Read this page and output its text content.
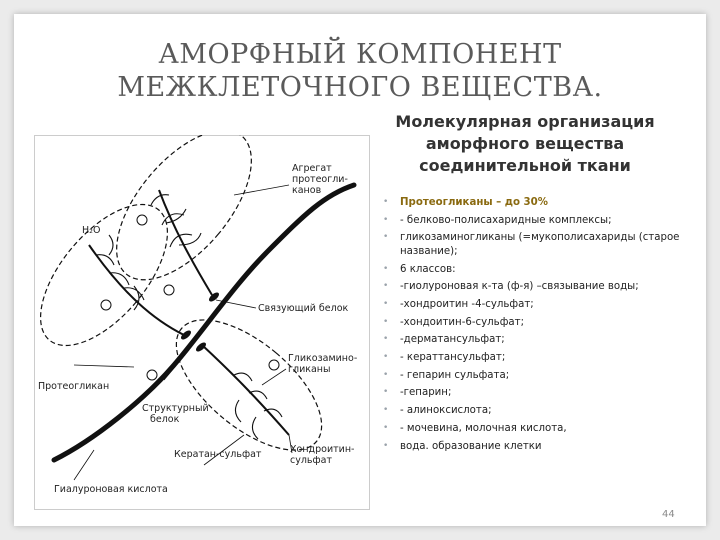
АМОРФНЫЙ КОМПОНЕНТ
МЕЖКЛЕТОЧНОГО ВЕЩЕСТВА.
Молекулярная организация
аморфного вещества
соединительной ткани
• Протеогликаны – до 30%
• - белково-полисахаридные комплексы;
• гликозаминогликаны (=мукополисахариды (старое название);
• 6 классов:
• -гиолуроновая к-та (ф-я) –связывание воды;
• -хондроитин -4-сульфат;
• -хондоитин-6-сульфат;
• -дерматансульфат;
• - кераттансульфат;
• - гепарин сульфата;
• -гепарин;
• - алиноксислота;
• - мочевина, молочная кислота,
• вода. образование клетки
Агрегат
протеогли-
канов
H₂O
Связующий белок
Гликозамино-
гликаны
Протеогликан
Структурный
белок
Кератан-сульфат	Хондроитин-
сульфат
Гиалуроновая кислота
44
